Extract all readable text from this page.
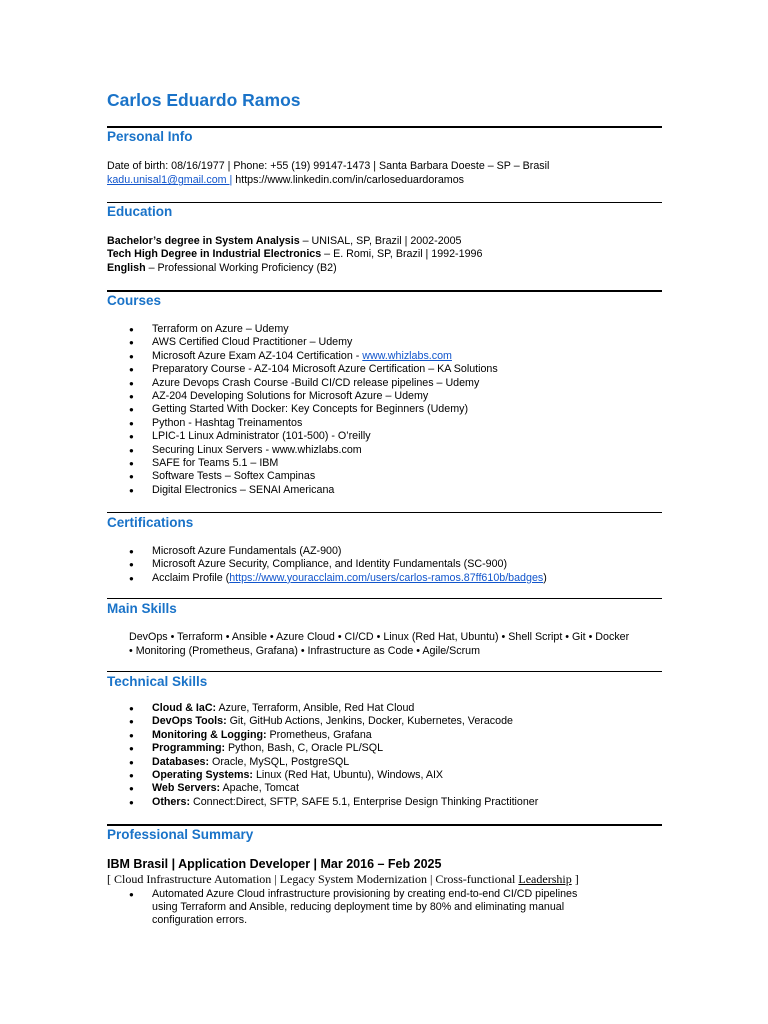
Carlos Eduardo Ramos
Personal Info
Date of birth: 08/16/1977 | Phone: +55 (19) 99147-1473 | Santa Barbara Doeste – SP – Brasil
kadu.unisal1@gmail.com | https://www.linkedin.com/in/carloseduardoramos
Education
Bachelor’s degree in System Analysis – UNISAL, SP, Brazil | 2002-2005
Tech High Degree in Industrial Electronics – E. Romi, SP, Brazil | 1992-1996
English – Professional Working Proficiency (B2)
Courses
● Terraform on Azure – Udemy
● AWS Certified Cloud Practitioner – Udemy
● Microsoft Azure Exam AZ-104 Certification - www.whizlabs.com
● Preparatory Course - AZ-104 Microsoft Azure Certification – KA Solutions
● Azure Devops Crash Course -Build CI/CD release pipelines – Udemy
● AZ-204 Developing Solutions for Microsoft Azure – Udemy
● Getting Started With Docker: Key Concepts for Beginners (Udemy)
● Python - Hashtag Treinamentos
● LPIC-1 Linux Administrator (101-500) - O’reilly
● Securing Linux Servers - www.whizlabs.com
● SAFE for Teams 5.1 – IBM
● Software Tests – Softex Campinas
● Digital Electronics – SENAI Americana
Certifications
● Microsoft Azure Fundamentals (AZ-900)
● Microsoft Azure Security, Compliance, and Identity Fundamentals (SC-900)
● Acclaim Profile (https://www.youracclaim.com/users/carlos-ramos.87ff610b/badges)
Main Skills
DevOps • Terraform • Ansible • Azure Cloud • CI/CD • Linux (Red Hat, Ubuntu) • Shell Script • Git • Docker
• Monitoring (Prometheus, Grafana) • Infrastructure as Code • Agile/Scrum
Technical Skills
● Cloud & IaC: Azure, Terraform, Ansible, Red Hat Cloud
● DevOps Tools: Git, GitHub Actions, Jenkins, Docker, Kubernetes, Veracode
● Monitoring & Logging: Prometheus, Grafana
● Programming: Python, Bash, C, Oracle PL/SQL
● Databases: Oracle, MySQL, PostgreSQL
● Operating Systems: Linux (Red Hat, Ubuntu), Windows, AIX
● Web Servers: Apache, Tomcat
● Others: Connect:Direct, SFTP, SAFE 5.1, Enterprise Design Thinking Practitioner
Professional Summary
IBM Brasil | Application Developer | Mar 2016 – Feb 2025
[ Cloud Infrastructure Automation | Legacy System Modernization | Cross-functional Leadership ]
● Automated Azure Cloud infrastructure provisioning by creating end-to-end CI/CD pipelines using Terraform and Ansible, reducing deployment time by 80% and eliminating manual configuration errors.
